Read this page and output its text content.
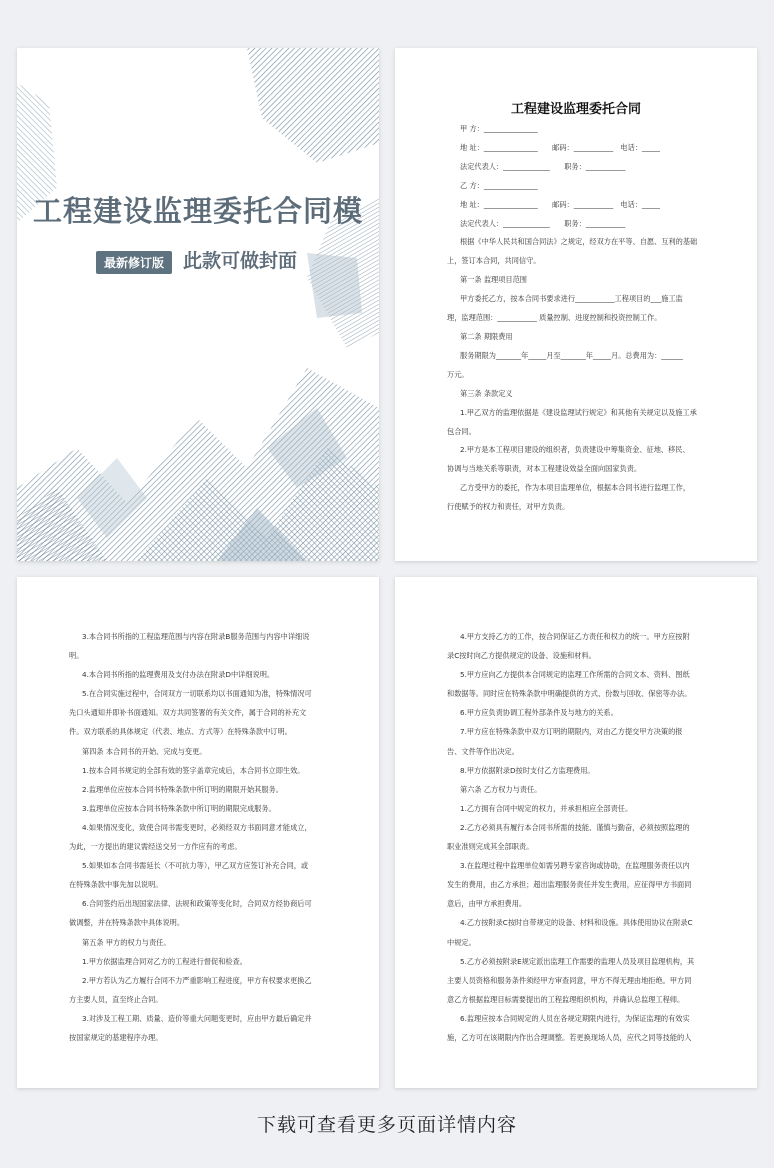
工程建设监理委托合同模
最新修订版 此款可做封面
工程建设监理委托合同
甲 方：_______________
地 址：_______________　　邮码：___________　电话：_____
法定代表人：_____________　　职务：___________
乙 方：_______________
地 址：_______________　　邮码：___________　电话：_____
法定代表人：_____________　　职务：___________
根据《中华人民共和国合同法》之规定，经双方在平等、自愿、互利的基础
上，签订本合同，共同信守。
第一条 监理项目范围
甲方委托乙方，按本合同书要求进行___________工程项目的___施工监
理，监理范围：___________ 质量控制、进度控制和投资控制工作。
第二条 期限费用
服务期限为_______年_____月至_______年_____月。总费用为：______
万元。
第三条 条款定义
1.甲乙双方的监理依据是《建设监理试行规定》和其他有关规定以及施工承
包合同。
2.甲方是本工程项目建设的组织者，负责建设中筹集资金、征地、移民、
协调与当地关系等职责，对本工程建设效益全面向国家负责。
乙方受甲方的委托，作为本项目监理单位，根据本合同书进行监理工作，
行使赋予的权力和责任，对甲方负责。
3.本合同书所指的工程监理范围与内容在附录B服务范围与内容中详细说
明。
4.本合同书所指的监理费用及支付办法在附录D中详细说明。
5.在合同实施过程中，合同双方一切联系均以书面通知为准，特殊情况可
先口头通知并即补书面通知。双方共同签署的有关文件，属于合同的补充文
件。双方联系的具体规定（代表、地点、方式等）在特殊条款中订明。
第四条 本合同书的开始、完成与变更。
1.按本合同书规定的全部有效的签字盖章完成后，本合同书立即生效。
2.监理单位应按本合同书特殊条款中所订明的期限开始其服务。
3.监理单位应按本合同书特殊条款中所订明的期限完成服务。
4.如果情况变化，致使合同书需变更时，必须经双方书面同意才能成立，
为此，一方提出的建议需经送交另一方作应有的考虑。
5.如果如本合同书需延长（不可抗力等），甲乙双方应签订补充合同，或
在特殊条款中事先加以说明。
6.合同签约后出现国家法律、法规和政策等变化时，合同双方经协商后可
做调整，并在特殊条款中具体说明。
第五条 甲方的权力与责任。
1.甲方依据监理合同对乙方的工程进行督促和检查。
2.甲方若认为乙方履行合同不力严重影响工程进度，甲方有权要求更换乙
方主要人员，直至终止合同。
3.对涉及工程工期、质量、造价等重大问题变更时，应由甲方最后确定并
按国家规定的基建程序办理。
4.甲方支持乙方的工作，按合同保证乙方责任和权力的统一。甲方应按附
录C按时向乙方提供规定的设备、设施和材料。
5.甲方应向乙方提供本合同规定的监理工作所需的合同文本、资料、图纸
和数据等。同时应在特殊条款中明确提供的方式、份数与回收、保密等办法。
6.甲方应负责协调工程外部条件及与地方的关系。
7.甲方应在特殊条款中双方订明的期限内，对由乙方提交甲方决策的报
告、文件等作出决定。
8.甲方依据附录D按时支付乙方监理费用。
第六条 乙方权力与责任。
1.乙方拥有合同中规定的权力，并承担相应全部责任。
2.乙方必须具有履行本合同书所需的技能、谨慎与勤奋，必须按照监理的
职业准则完成其全部职责。
3.在监理过程中监理单位如需另聘专家咨询或协助，在监理服务责任以内
发生的费用，由乙方承担；超出监理服务责任并发生费用，应征得甲方书面同
意后，由甲方承担费用。
4.乙方按附录C按时自带规定的设备、材料和设施。具体使用协议在附录C
中规定。
5.乙方必须按附录E规定派出监理工作需要的监理人员及项目监理机构，其
主要人员资格和服务条件须经甲方审查同意，甲方不得无理由地拒绝。甲方同
意乙方根据监理目标需要提出的工程监理组织机构，并确认总监理工程师。
6.监理应按本合同规定的人员在各规定期限内进行，为保证监理的有效实
施，乙方可在该期限内作出合理调整。若更换现场人员，应代之同等技能的人
下载可查看更多页面详情内容
